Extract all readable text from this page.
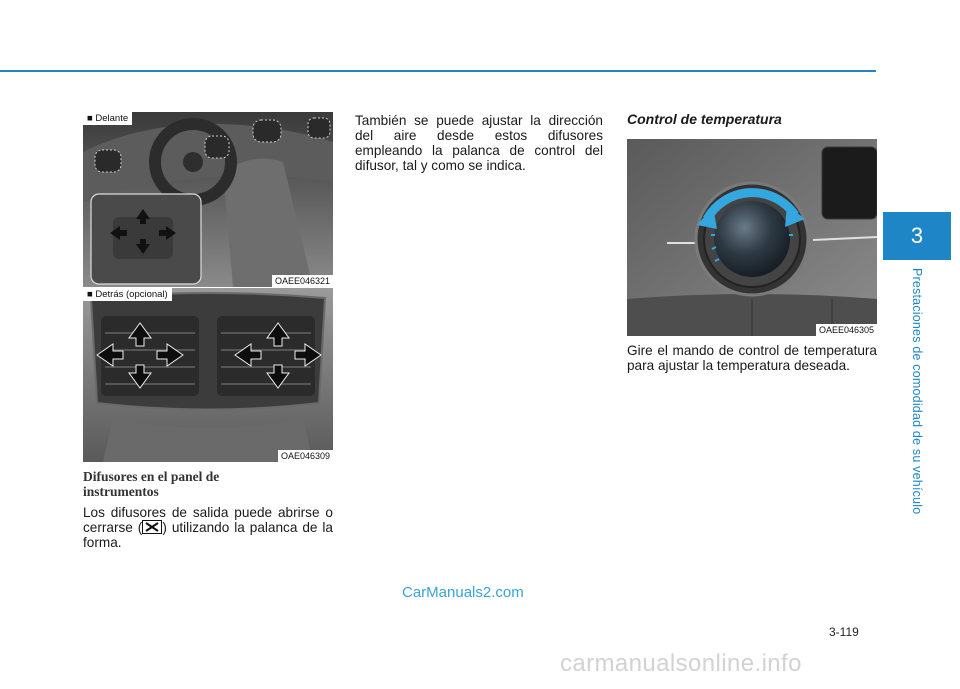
3
Prestaciones de comodidad de su vehículo
■ Delante
OAEE046321
■ Detrás (opcional)
OAE046309
Difusores en el panel de instrumentos
Los difusores de salida puede abrirse o cerrarse (☒) utilizando la palanca de la forma.
También se puede ajustar la dirección del aire desde estos difusores empleando la palanca de control del difusor, tal y como se indica.
Control de temperatura
OAEE046305
Gire el mando de control de temperatura para ajustar la temperatura deseada.
3-119
CarManuals2.com
carmanualsonline.info
